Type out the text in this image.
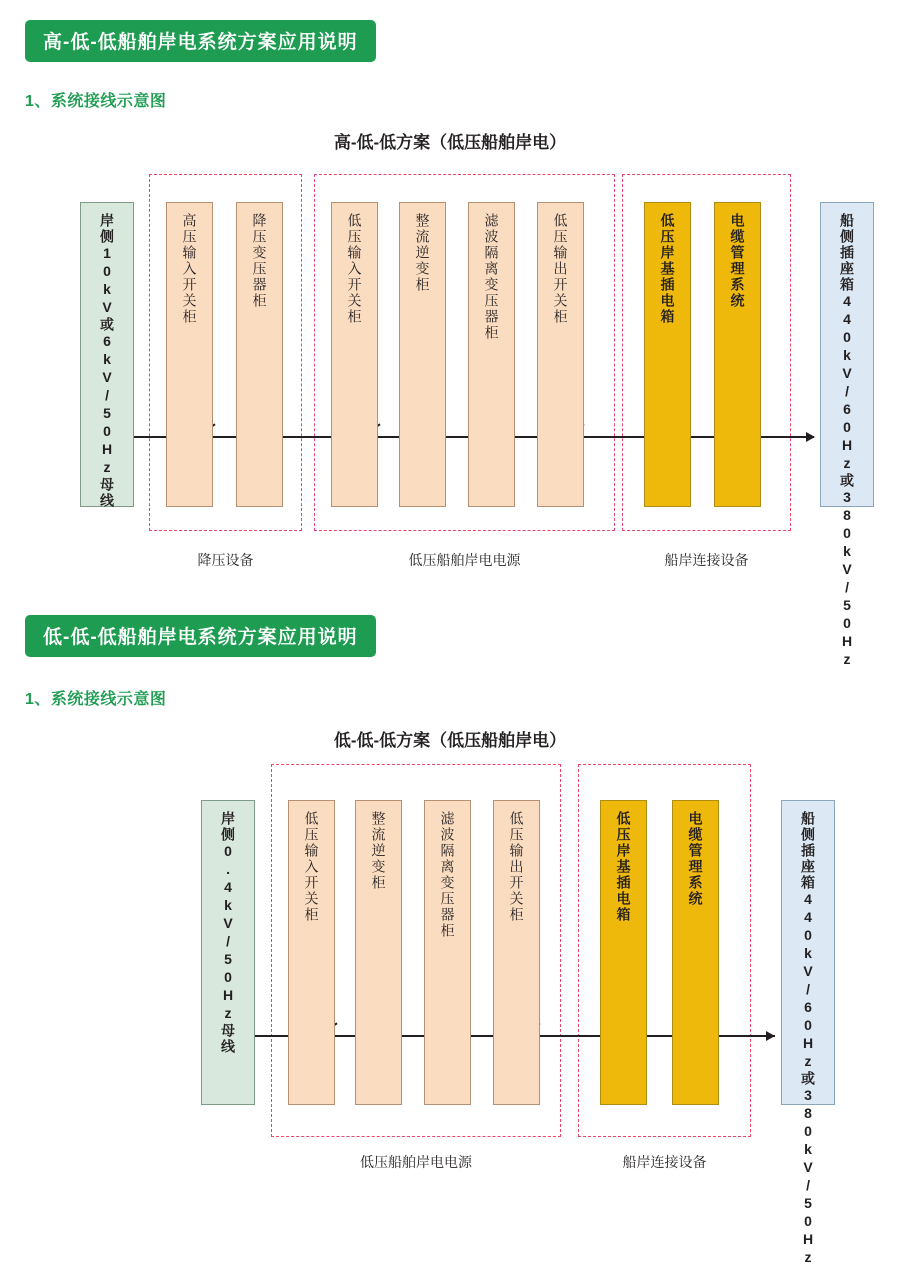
高-低-低船舶岸电系统方案应用说明
1、系统接线示意图
高-低-低方案（低压船舶岸电）
岸侧10kV或6kV/50Hz母线	高压输入开关柜	降压变压器柜	低压输入开关柜	整流逆变柜	滤波隔离变压器柜	低压输出开关柜	低压岸基插电箱	电缆管理系统	船侧插座箱440kV/60Hz或380kV/50Hz
降压设备	低压船舶岸电电源	船岸连接设备
低-低-低船舶岸电系统方案应用说明
1、系统接线示意图
低-低-低方案（低压船舶岸电）
岸侧0.4kV/50Hz母线	低压输入开关柜	整流逆变柜	滤波隔离变压器柜	低压输出开关柜	低压岸基插电箱	电缆管理系统	船侧插座箱440kV/60Hz或380kV/50Hz
低压船舶岸电电源	船岸连接设备
